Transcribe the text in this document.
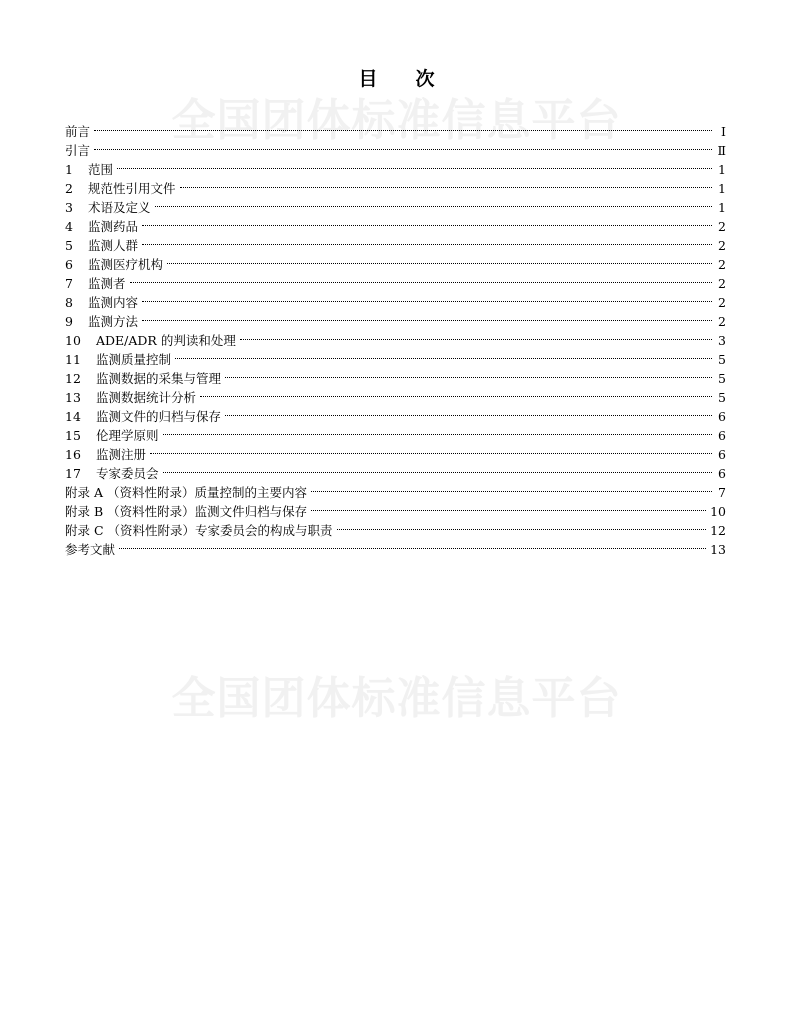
全国团体标准信息平台
全国团体标准信息平台
目　　次
前言	Ⅰ
引言	Ⅱ
1	范围	1
2	规范性引用文件	1
3	术语及定义	1
4	监测药品	2
5	监测人群	2
6	监测医疗机构	2
7	监测者	2
8	监测内容	2
9	监测方法	2
10	ADE/ADR 的判读和处理	3
11	监测质量控制	5
12	监测数据的采集与管理	5
13	监测数据统计分析	5
14	监测文件的归档与保存	6
15	伦理学原则	6
16	监测注册	6
17	专家委员会	6
附录 A （资料性附录）质量控制的主要内容	7
附录 B （资料性附录）监测文件归档与保存	10
附录 C （资料性附录）专家委员会的构成与职责	12
参考文献	13
